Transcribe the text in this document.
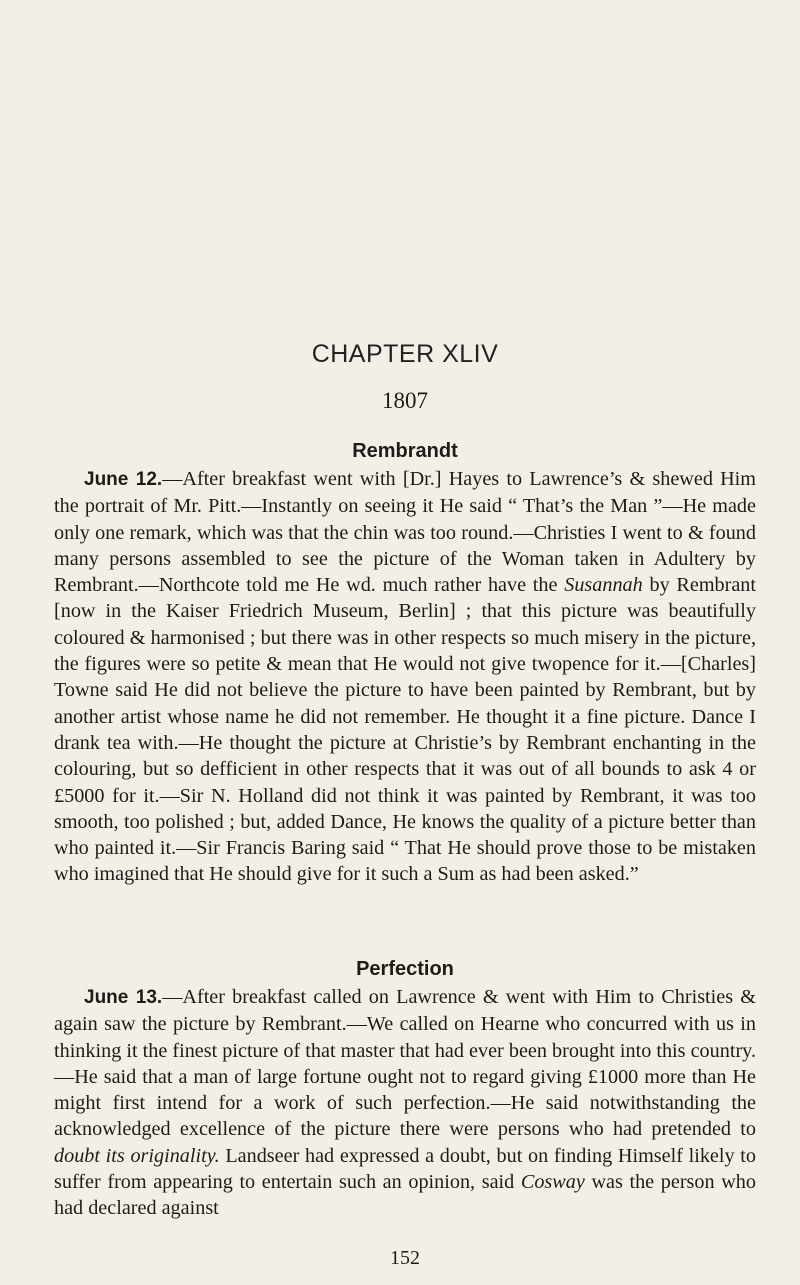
CHAPTER XLIV
1807
Rembrandt
June 12.—After breakfast went with [Dr.] Hayes to Lawrence’s & shewed Him the portrait of Mr. Pitt.—Instantly on seeing it He said “ That’s the Man ”—He made only one remark, which was that the chin was too round.—Christies I went to & found many persons assembled to see the picture of the Woman taken in Adultery by Rembrant.—Northcote told me He wd. much rather have the Susannah by Rembrant [now in the Kaiser Friedrich Museum, Berlin] ; that this picture was beautifully coloured & harmonised ; but there was in other respects so much misery in the picture, the figures were so petite & mean that He would not give twopence for it.—[Charles] Towne said He did not believe the picture to have been painted by Rembrant, but by another artist whose name he did not remember. He thought it a fine picture. Dance I drank tea with.—He thought the picture at Christie’s by Rembrant enchanting in the colouring, but so defficient in other respects that it was out of all bounds to ask 4 or £5000 for it.—Sir N. Holland did not think it was painted by Rembrant, it was too smooth, too polished ; but, added Dance, He knows the quality of a picture better than who painted it.—Sir Francis Baring said “ That He should prove those to be mistaken who imagined that He should give for it such a Sum as had been asked.”
Perfection
June 13.—After breakfast called on Lawrence & went with Him to Christies & again saw the picture by Rembrant.—We called on Hearne who concurred with us in thinking it the finest picture of that master that had ever been brought into this country.—He said that a man of large fortune ought not to regard giving £1000 more than He might first intend for a work of such perfection.—He said notwithstanding the acknowledged excellence of the picture there were persons who had pretended to doubt its originality. Landseer had expressed a doubt, but on finding Himself likely to suffer from appearing to entertain such an opinion, said Cosway was the person who had declared against
152
